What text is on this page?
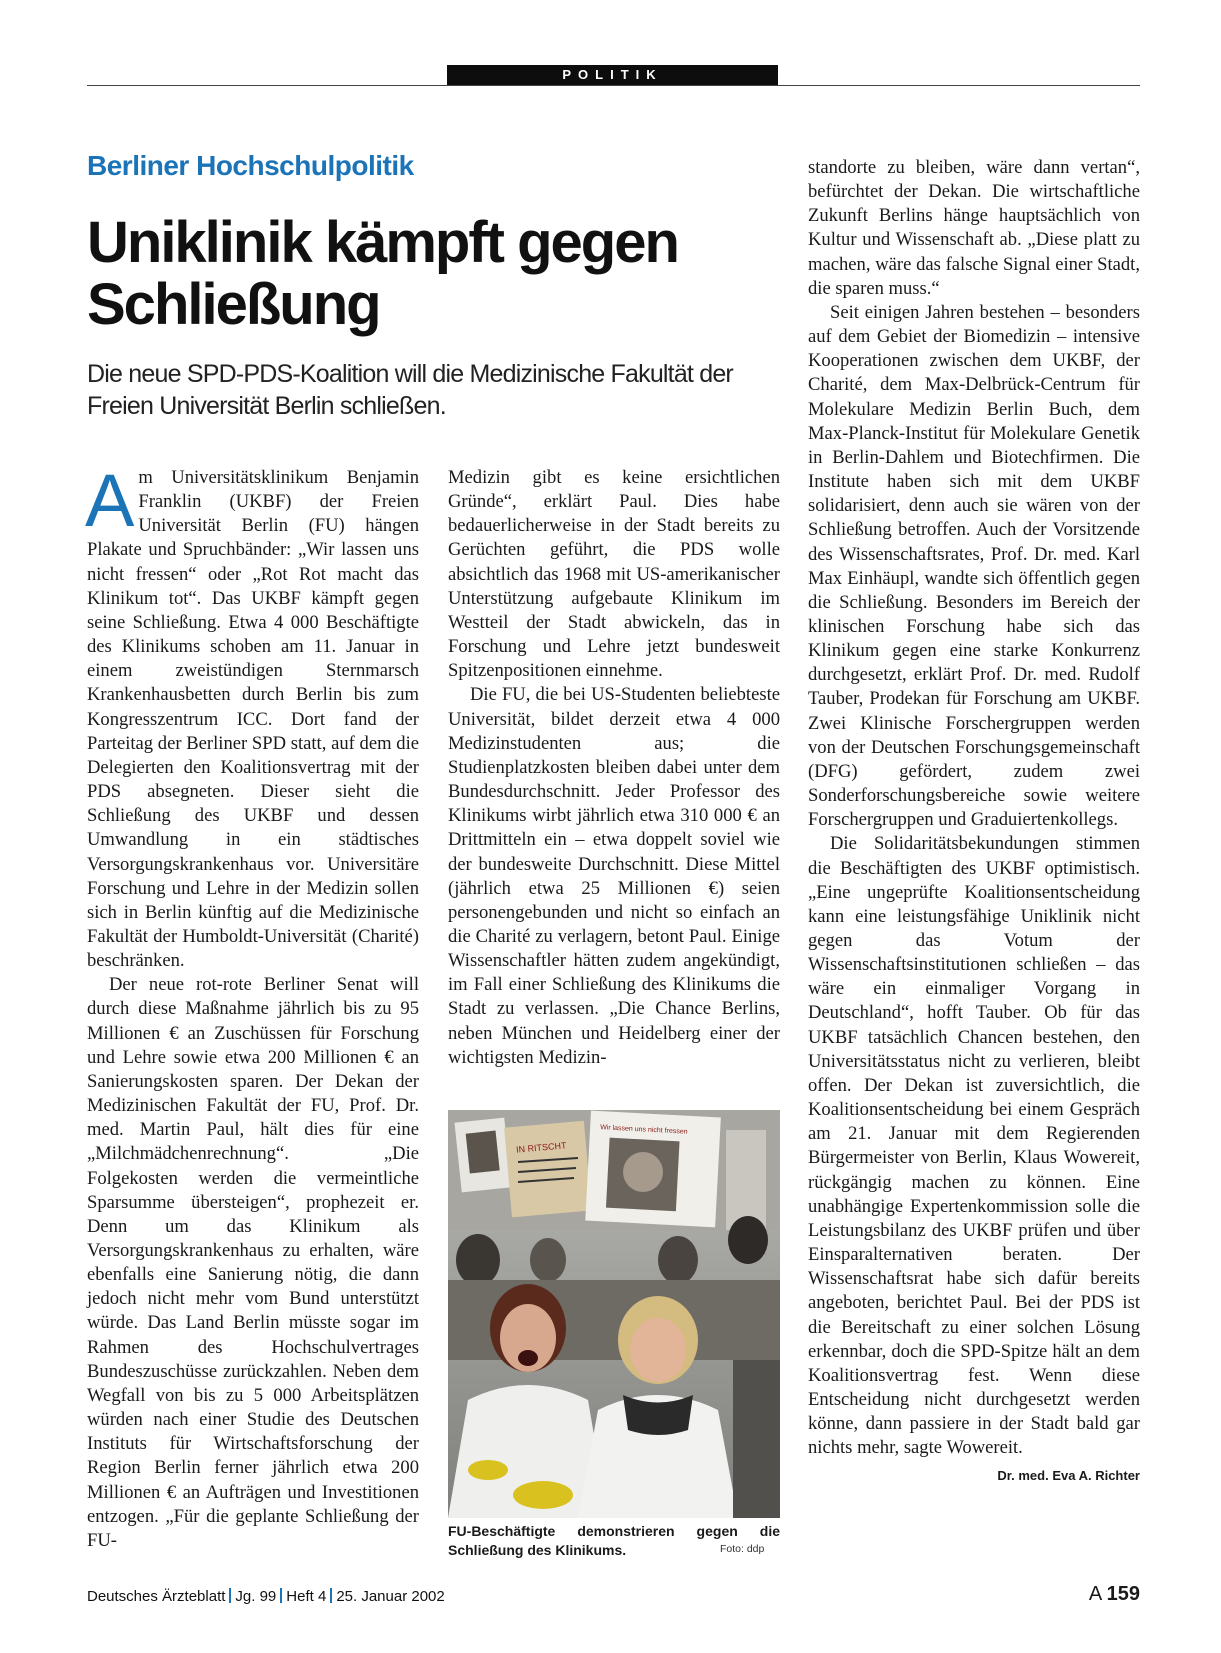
POLITIK
Berliner Hochschulpolitik
Uniklinik kämpft gegen Schließung
Die neue SPD-PDS-Koalition will die Medizinische Fakultät der Freien Universität Berlin schließen.

Am Universitätsklinikum Benjamin Franklin (UKBF) der Freien Universität Berlin (FU) hängen Plakate und Spruchbänder: „Wir lassen uns nicht fressen“ oder „Rot Rot macht das Klinikum tot“. Das UKBF kämpft gegen seine Schließung. Etwa 4 000 Beschäftigte des Klinikums schoben am 11. Januar in einem zweistündigen Sternmarsch Krankenhausbetten durch Berlin bis zum Kongresszentrum ICC. Dort fand der Parteitag der Berliner SPD statt, auf dem die Delegierten den Koalitionsvertrag mit der PDS absegneten. Dieser sieht die Schließung des UKBF und dessen Umwandlung in ein städtisches Versorgungskrankenhaus vor. Universitäre Forschung und Lehre in der Medizin sollen sich in Berlin künftig auf die Medizinische Fakultät der Humboldt-Universität (Charité) beschränken.

Der neue rot-rote Berliner Senat will durch diese Maßnahme jährlich bis zu 95 Millionen € an Zuschüssen für Forschung und Lehre sowie etwa 200 Millionen € an Sanierungskosten sparen. Der Dekan der Medizinischen Fakultät der FU, Prof. Dr. med. Martin Paul, hält dies für eine „Milchmädchenrechnung“. „Die Folgekosten werden die vermeintliche Sparsumme übersteigen“, prophezeit er. Denn um das Klinikum als Versorgungskrankenhaus zu erhalten, wäre ebenfalls eine Sanierung nötig, die dann jedoch nicht mehr vom Bund unterstützt würde. Das Land Berlin müsste sogar im Rahmen des Hochschulvertrages Bundeszuschüsse zurückzahlen. Neben dem Wegfall von bis zu 5 000 Arbeitsplätzen würden nach einer Studie des Deutschen Instituts für Wirtschaftsforschung der Region Berlin ferner jährlich etwa 200 Millionen € an Aufträgen und Investitionen entzogen. „Für die geplante Schließung der FU-

Medizin gibt es keine ersichtlichen Gründe“, erklärt Paul. Dies habe bedauerlicherweise in der Stadt bereits zu Gerüchten geführt, die PDS wolle absichtlich das 1968 mit US-amerikanischer Unterstützung aufgebaute Klinikum im Westteil der Stadt abwickeln, das in Forschung und Lehre jetzt bundesweit Spitzenpositionen einnehme.

Die FU, die bei US-Studenten beliebteste Universität, bildet derzeit etwa 4 000 Medizinstudenten aus; die Studienplatzkosten bleiben dabei unter dem Bundesdurchschnitt. Jeder Professor des Klinikums wirbt jährlich etwa 310 000 € an Drittmitteln ein – etwa doppelt soviel wie der bundesweite Durchschnitt. Diese Mittel (jährlich etwa 25 Millionen €) seien personengebunden und nicht so einfach an die Charité zu verlagern, betont Paul. Einige Wissenschaftler hätten zudem angekündigt, im Fall einer Schließung des Klinikums die Stadt zu verlassen. „Die Chance Berlins, neben München und Heidelberg einer der wichtigsten Medizin-

IN RITSCHT
Wir lassen uns nicht fressen
FU-Beschäftigte demonstrieren gegen die Schließung des Klinikums.	Foto: ddp

standorte zu bleiben, wäre dann vertan“, befürchtet der Dekan. Die wirtschaftliche Zukunft Berlins hänge hauptsächlich von Kultur und Wissenschaft ab. „Diese platt zu machen, wäre das falsche Signal einer Stadt, die sparen muss.“

Seit einigen Jahren bestehen – besonders auf dem Gebiet der Biomedizin – intensive Kooperationen zwischen dem UKBF, der Charité, dem Max-Delbrück-Centrum für Molekulare Medizin Berlin Buch, dem Max-Planck-Institut für Molekulare Genetik in Berlin-Dahlem und Biotechfirmen. Die Institute haben sich mit dem UKBF solidarisiert, denn auch sie wären von der Schließung betroffen. Auch der Vorsitzende des Wissenschaftsrates, Prof. Dr. med. Karl Max Einhäupl, wandte sich öffentlich gegen die Schließung. Besonders im Bereich der klinischen Forschung habe sich das Klinikum gegen eine starke Konkurrenz durchgesetzt, erklärt Prof. Dr. med. Rudolf Tauber, Prodekan für Forschung am UKBF. Zwei Klinische Forschergruppen werden von der Deutschen Forschungsgemeinschaft (DFG) gefördert, zudem zwei Sonderforschungsbereiche sowie weitere Forschergruppen und Graduiertenkollegs.

Die Solidaritätsbekundungen stimmen die Beschäftigten des UKBF optimistisch. „Eine ungeprüfte Koalitionsentscheidung kann eine leistungsfähige Uniklinik nicht gegen das Votum der Wissenschaftsinstitutionen schließen – das wäre ein einmaliger Vorgang in Deutschland“, hofft Tauber. Ob für das UKBF tatsächlich Chancen bestehen, den Universitätsstatus nicht zu verlieren, bleibt offen. Der Dekan ist zuversichtlich, die Koalitionsentscheidung bei einem Gespräch am 21. Januar mit dem Regierenden Bürgermeister von Berlin, Klaus Wowereit, rückgängig machen zu können. Eine unabhängige Expertenkommission solle die Leistungsbilanz des UKBF prüfen und über Einsparalternativen beraten. Der Wissenschaftsrat habe sich dafür bereits angeboten, berichtet Paul. Bei der PDS ist die Bereitschaft zu einer solchen Lösung erkennbar, doch die SPD-Spitze hält an dem Koalitionsvertrag fest. Wenn diese Entscheidung nicht durchgesetzt werden könne, dann passiere in der Stadt bald gar nichts mehr, sagte Wowereit.
Dr. med. Eva A. Richter

Deutsches Ärzteblatt Jg. 99 Heft 4 25. Januar 2002	A 159
